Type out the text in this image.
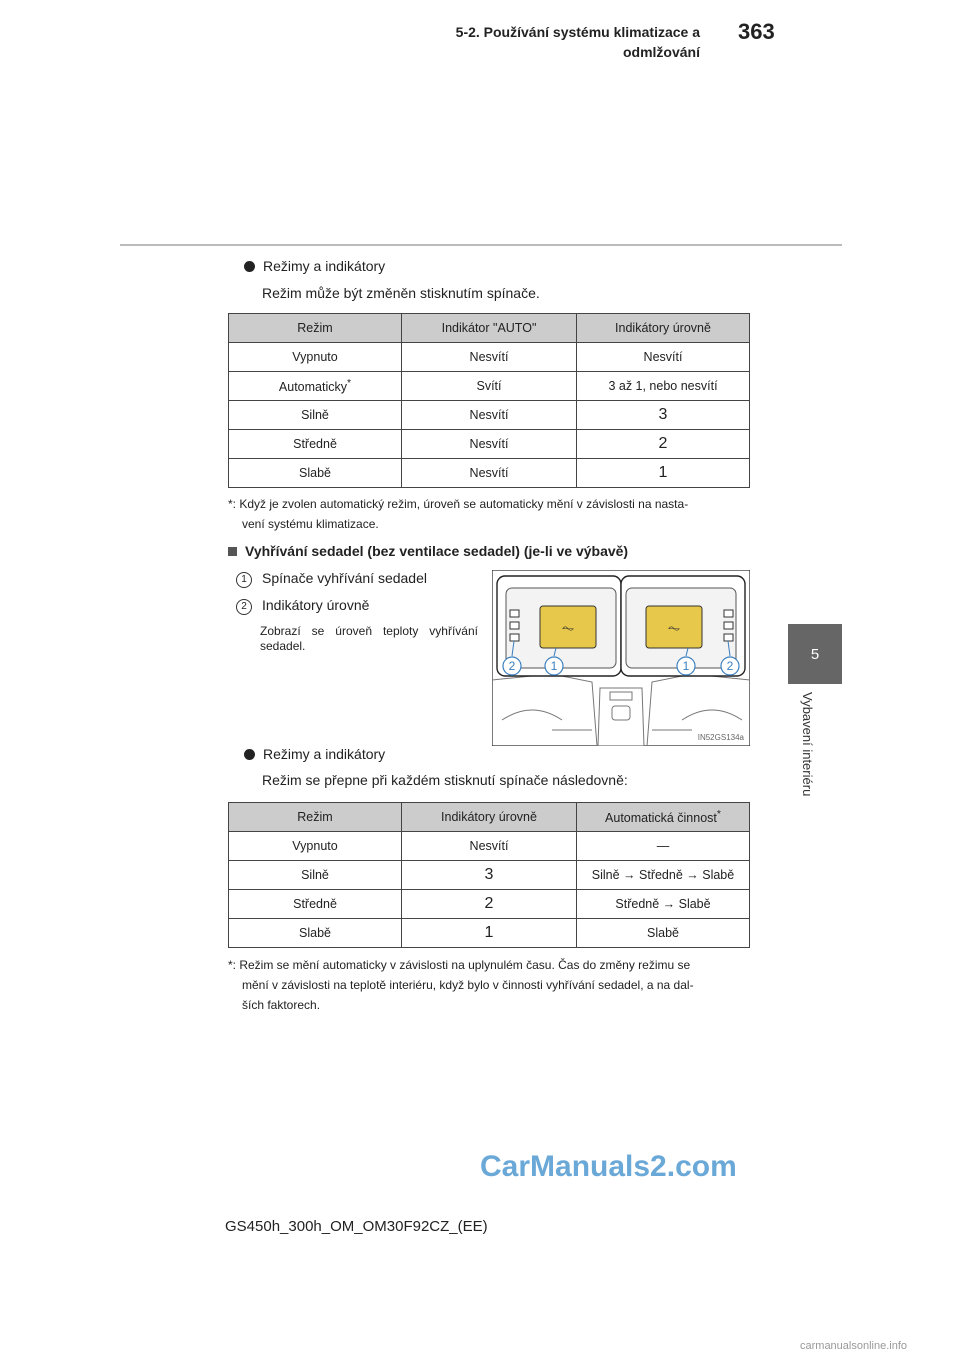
5-2. Používání systému klimatizace a odmlžování
363
5
Vybavení interiéru
Režimy a indikátory
Režim může být změněn stisknutím spínače.
Režim	Indikátor "AUTO"	Indikátory úrovně
Vypnuto	Nesvítí	Nesvítí
Automaticky*	Svítí	3 až 1, nebo nesvítí
Silně	Nesvítí	3
Středně	Nesvítí	2
Slabě	Nesvítí	1
*: Když je zvolen automatický režim, úroveň se automaticky mění v závislosti na nasta-
vení systému klimatizace.
Vyhřívání sedadel (bez ventilace sedadel) (je-li ve výbavě)
1 Spínače vyhřívání sedadel
2 Indikátory úrovně
Zobrazí se úroveň teploty vyhřívání sedadel.
⏦	⏦
2	1	1	2
IN52GS134a
Režimy a indikátory
Režim se přepne při každém stisknutí spínače následovně:
Režim	Indikátory úrovně	Automatická činnost*
Vypnuto	Nesvítí	—
Silně	3	Silně → Středně → Slabě
Středně	2	Středně → Slabě
Slabě	1	Slabě
*: Režim se mění automaticky v závislosti na uplynulém času. Čas do změny režimu se
mění v závislosti na teplotě interiéru, když bylo v činnosti vyhřívání sedadel, a na dal-
ších faktorech.
CarManuals2.com
GS450h_300h_OM_OM30F92CZ_(EE)
carmanualsonline.info
